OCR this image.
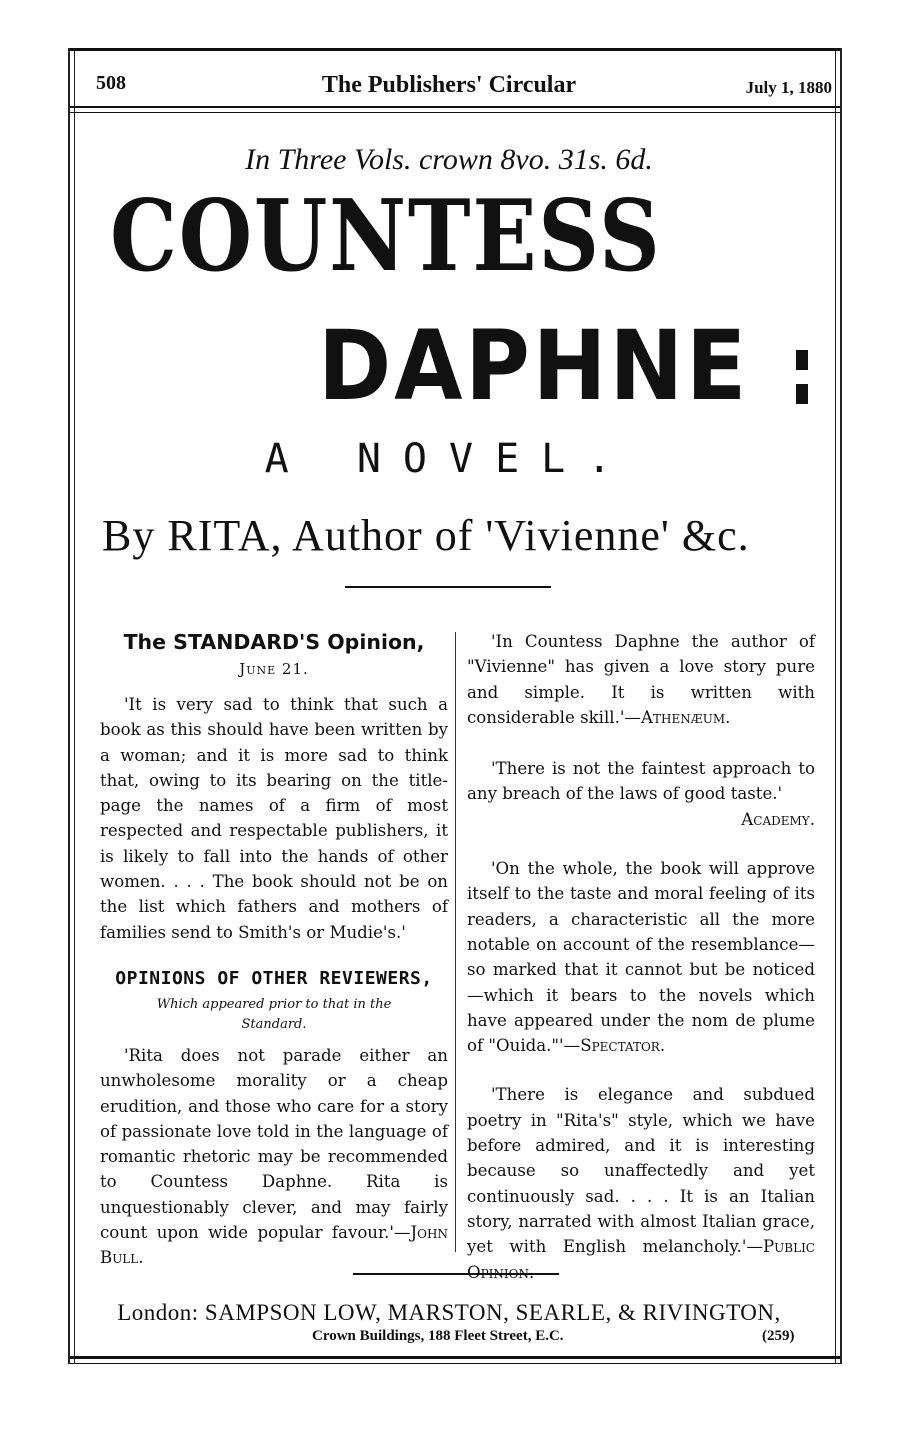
508	The Publishers' Circular	July 1, 1880
In Three Vols. crown 8vo. 31s. 6d.
COUNTESS
DAPHNE
A NOVEL.
By RITA, Author of 'Vivienne' &c.

The STANDARD'S Opinion,

June 21.

'It is very sad to think that such a book as this should have been written by a woman; and it is more sad to think that, owing to its bearing on the title-page the names of a firm of most respected and respectable publishers, it is likely to fall into the hands of other women. . . . The book should not be on the list which fathers and mothers of families send to Smith's or Mudie's.'

OPINIONS OF OTHER REVIEWERS,

Which appeared prior to that in the Standard.

'Rita does not parade either an unwholesome morality or a cheap erudition, and those who care for a story of passionate love told in the language of romantic rhetoric may be recommended to Countess Daphne. Rita is unquestionably clever, and may fairly count upon wide popular favour.'—John Bull.

'In Countess Daphne the author of "Vivienne" has given a love story pure and simple. It is written with considerable skill.'—Athenæum.

'There is not the faintest approach to any breach of the laws of good taste.'

Academy.

'On the whole, the book will approve itself to the taste and moral feeling of its readers, a characteristic all the more notable on account of the resemblance—so marked that it cannot but be noticed—which it bears to the novels which have appeared under the nom de plume of "Ouida."'—Spectator.

'There is elegance and subdued poetry in "Rita's" style, which we have before admired, and it is interesting because so unaffectedly and yet continuously sad. . . . It is an Italian story, narrated with almost Italian grace, yet with English melancholy.'—Public

London: SAMPSON LOW, MARSTON, SEARLE, & RIVINGTON,
Crown Buildings, 188 Fleet Street, E.C.	(259)
